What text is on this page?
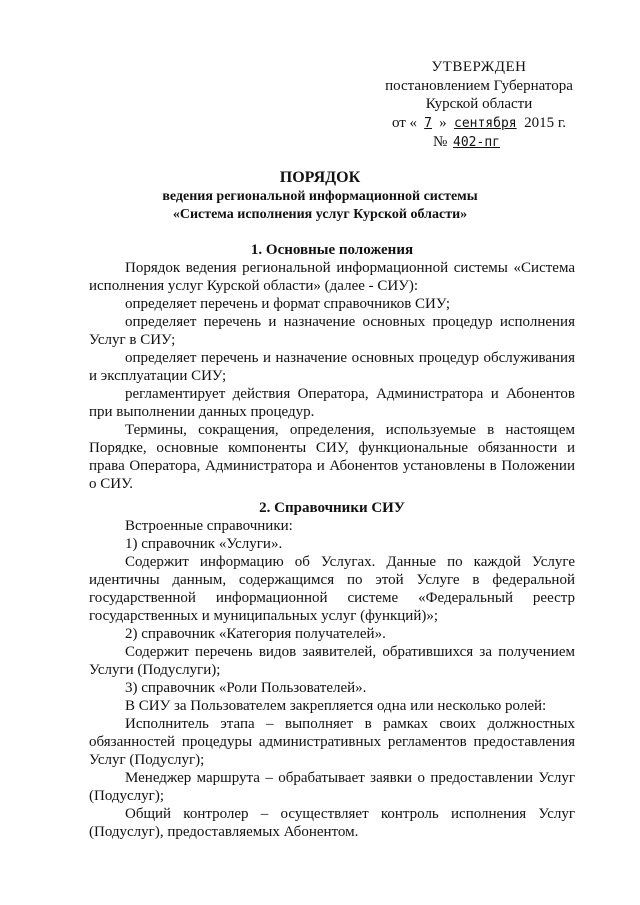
УТВЕРЖДЕН
постановлением Губернатора
Курской области
от « 7 » сентября 2015 г.
№ 402-пг
ПОРЯДОК
ведения региональной информационной системы
«Система исполнения услуг Курской области»
1. Основные положения

Порядок ведения региональной информационной системы «Система исполнения услуг Курской области» (далее - СИУ):

определяет перечень и формат справочников СИУ;

определяет перечень и назначение основных процедур исполнения Услуг в СИУ;

определяет перечень и назначение основных процедур обслуживания и эксплуатации СИУ;

регламентирует действия Оператора, Администратора и Абонентов при выполнении данных процедур.

Термины, сокращения, определения, используемые в настоящем Порядке, основные компоненты СИУ, функциональные обязанности и права Оператора, Администратора и Абонентов установлены в Положении о СИУ.

2. Справочники СИУ

Встроенные справочники:

1) справочник «Услуги».

Содержит информацию об Услугах. Данные по каждой Услуге идентичны данным, содержащимся по этой Услуге в федеральной государственной информационной системе «Федеральный реестр государственных и муниципальных услуг (функций)»;

2) справочник «Категория получателей».

Содержит перечень видов заявителей, обратившихся за получением Услуги (Подуслуги);

3) справочник «Роли Пользователей».

В СИУ за Пользователем закрепляется одна или несколько ролей:

Исполнитель этапа – выполняет в рамках своих должностных обязанностей процедуры административных регламентов предоставления Услуг (Подуслуг);

Менеджер маршрута – обрабатывает заявки о предоставлении Услуг (Подуслуг);

Общий контролер – осуществляет контроль исполнения Услуг (Подуслуг), предоставляемых Абонентом.
